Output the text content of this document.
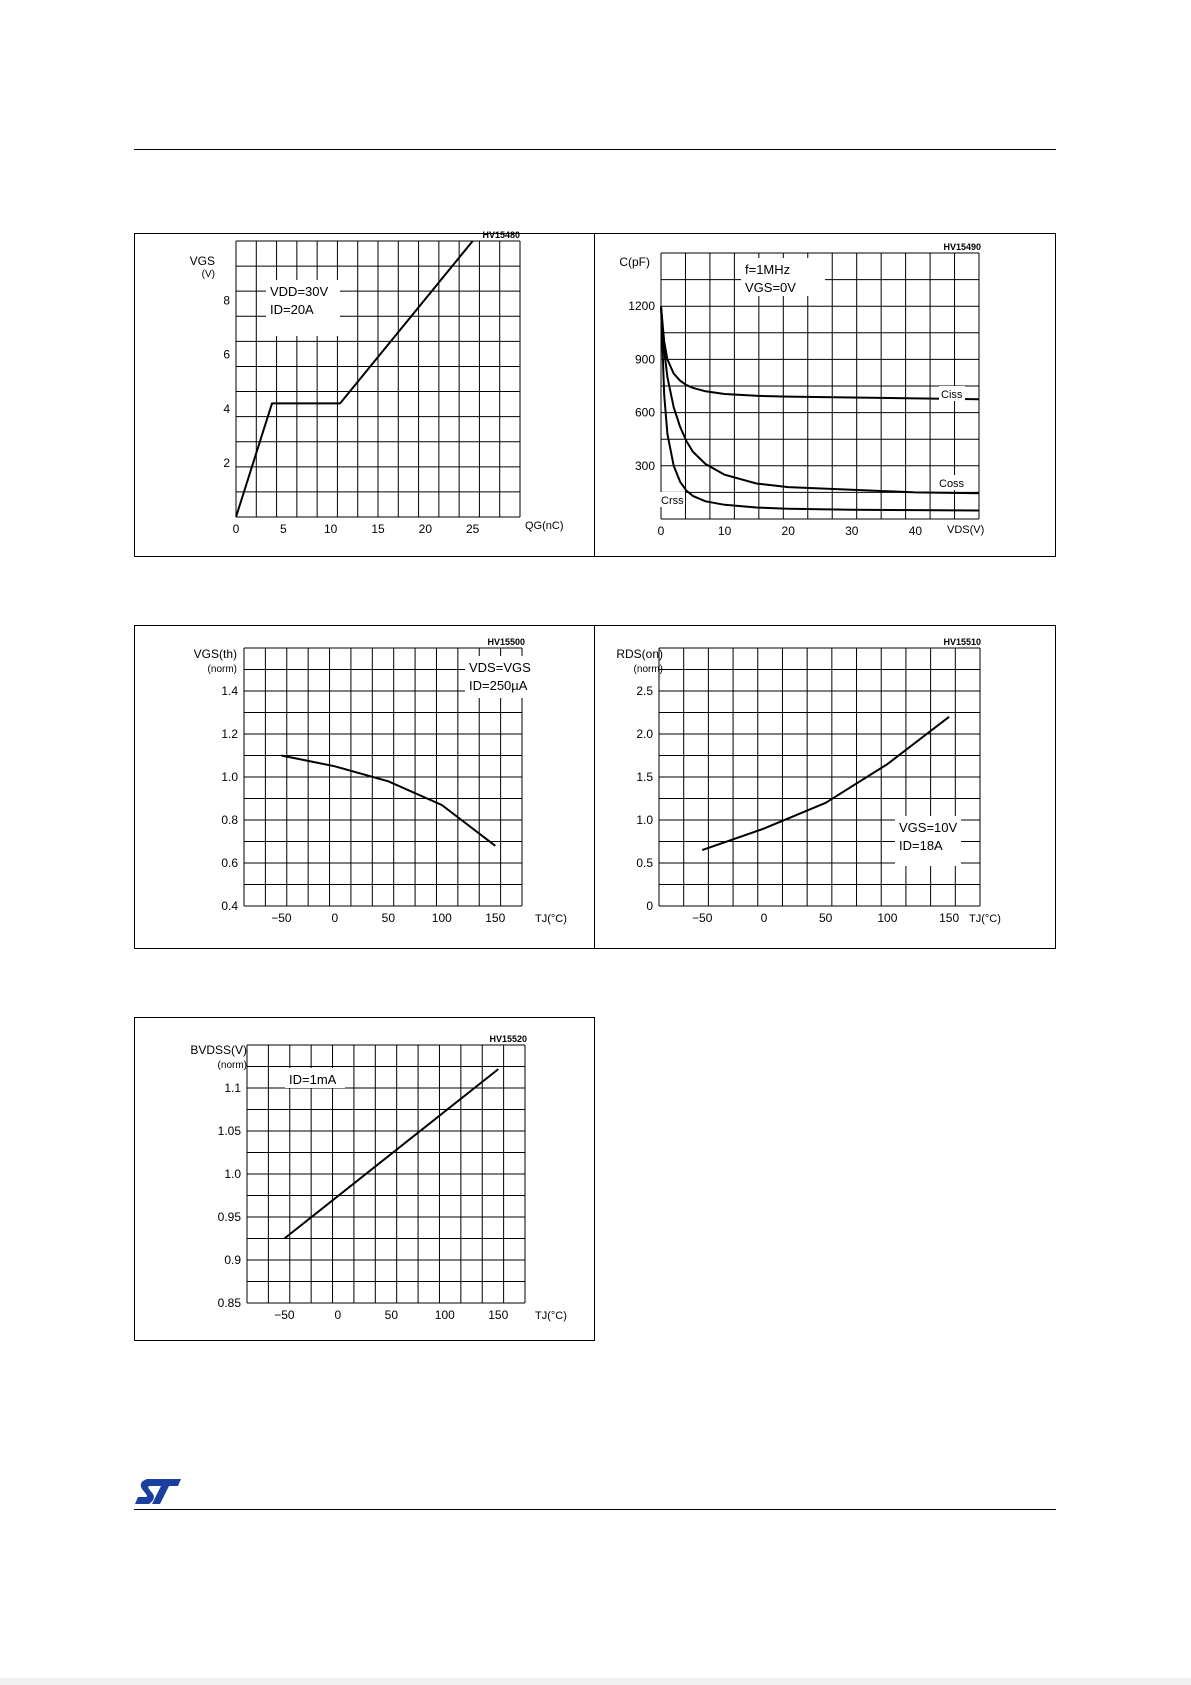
VDD=30V
ID=20A
0	5	10	15	20	25
2
4
6
8
VGS
(V)
QG(nC)
HV15480
f=1MHz
VGS=0V
Ciss
Coss
Crss
0	10	20	30	40
300
600
900
1200
C(pF)
VDS(V)
HV15490
VDS=VGS
ID=250µA
−50	0	50	100	150
0.4
0.6
0.8
1.0
1.2
1.4
VGS(th)
(norm)
TJ(°C)
HV15500
VGS=10V
ID=18A
−50	0	50	100	150
0
0.5
1.0
1.5
2.0
2.5
RDS(on)
(norm)
TJ(°C)
HV15510
ID=1mA
−50	0	50	100	150
0.85
0.9
0.95
1.0
1.05
1.1
BVDSS(V)
(norm)
TJ(°C)
HV15520
